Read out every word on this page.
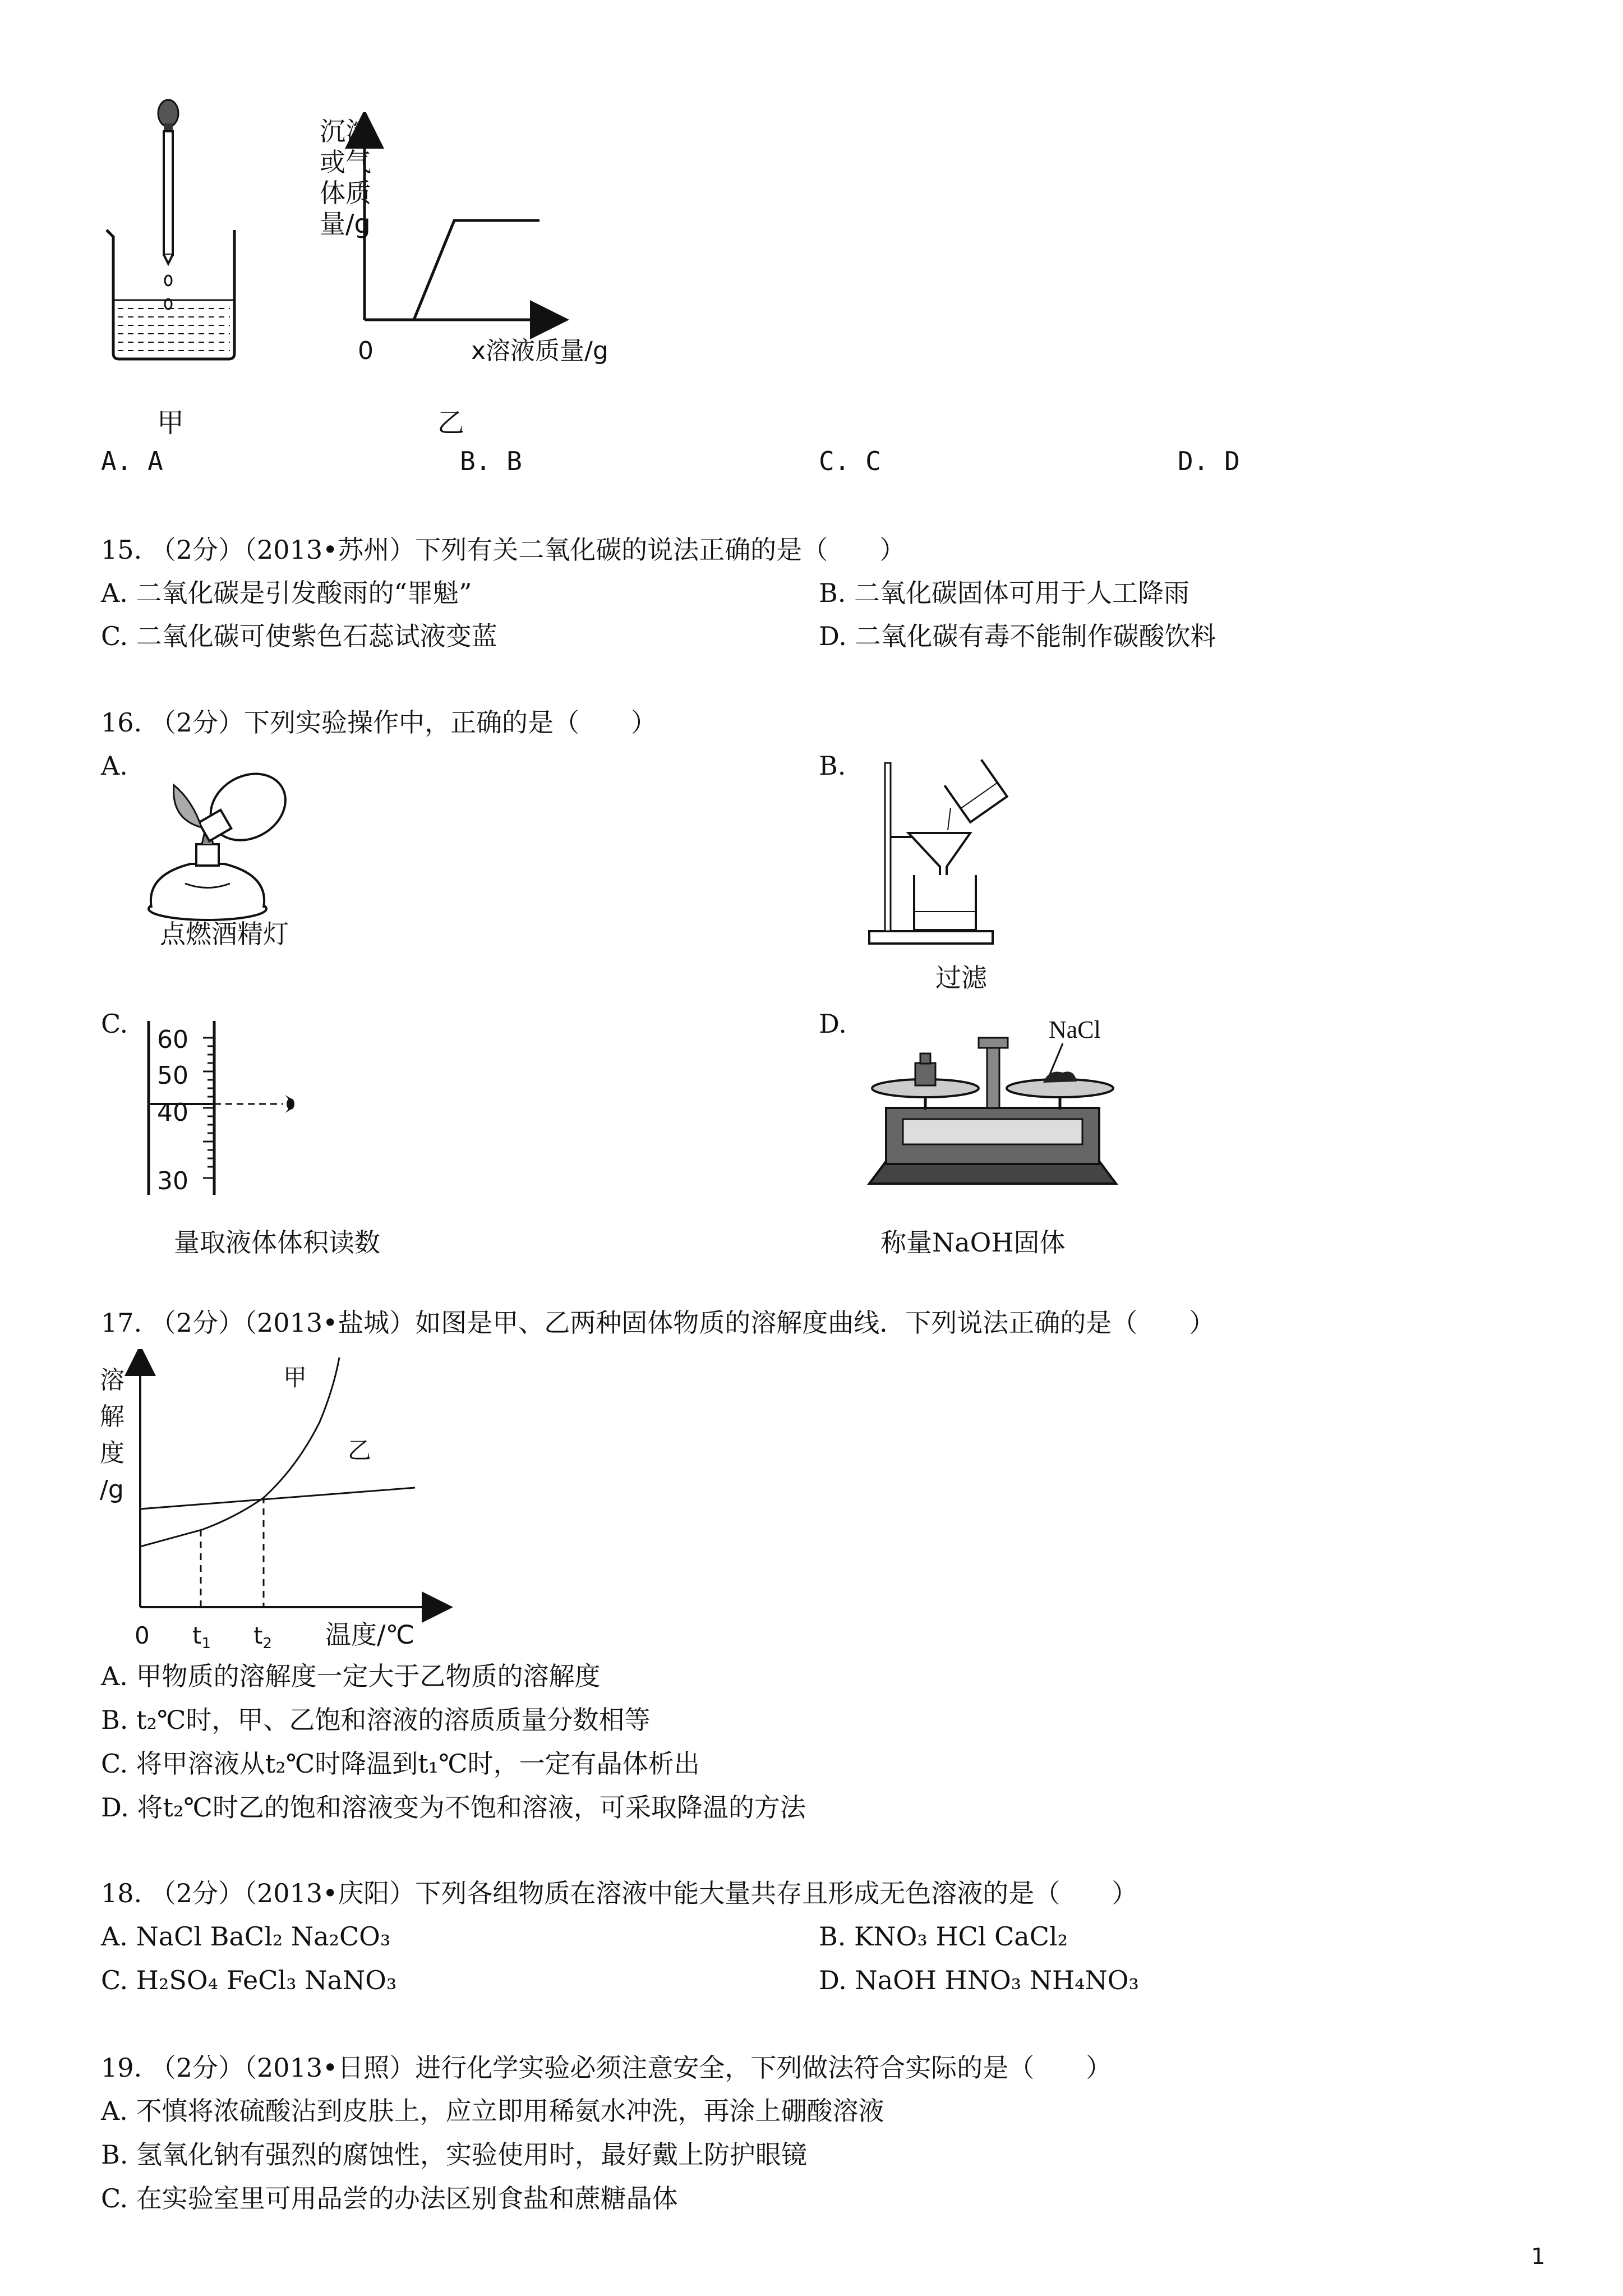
甲
沉淀
或气
体质
量/g
0	x溶液质量/g
乙
A. A	B. B	C. C	D. D
15. （2分）（2013•苏州）下列有关二氧化碳的说法正确的是（　　）
A. 二氧化碳是引发酸雨的“罪魁”	B. 二氧化碳固体可用于人工降雨
C. 二氧化碳可使紫色石蕊试液变蓝	D. 二氧化碳有毒不能制作碳酸饮料
16. （2分）下列实验操作中，正确的是（　　）
A.
点燃酒精灯
B.
过滤
C.
60
50
40
30
量取液体体积读数
D.	NaCl
称量NaOH固体
17. （2分）（2013•盐城）如图是甲、乙两种固体物质的溶解度曲线．下列说法正确的是（　　）
溶
解
度
/g
甲
乙
0 t1 t2 温度/℃
A. 甲物质的溶解度一定大于乙物质的溶解度
B. t₂℃时，甲、乙饱和溶液的溶质质量分数相等
C. 将甲溶液从t₂℃时降温到t₁℃时，一定有晶体析出
D. 将t₂℃时乙的饱和溶液变为不饱和溶液，可采取降温的方法
18. （2分）（2013•庆阳）下列各组物质在溶液中能大量共存且形成无色溶液的是（　　）
A. NaCl BaCl₂ Na₂CO₃	B. KNO₃ HCl CaCl₂
C. H₂SO₄ FeCl₃ NaNO₃	D. NaOH HNO₃ NH₄NO₃
19. （2分）（2013•日照）进行化学实验必须注意安全，下列做法符合实际的是（　　）
A. 不慎将浓硫酸沾到皮肤上，应立即用稀氨水冲洗，再涂上硼酸溶液
B. 氢氧化钠有强烈的腐蚀性，实验使用时，最好戴上防护眼镜
C. 在实验室里可用品尝的办法区别食盐和蔗糖晶体
1
